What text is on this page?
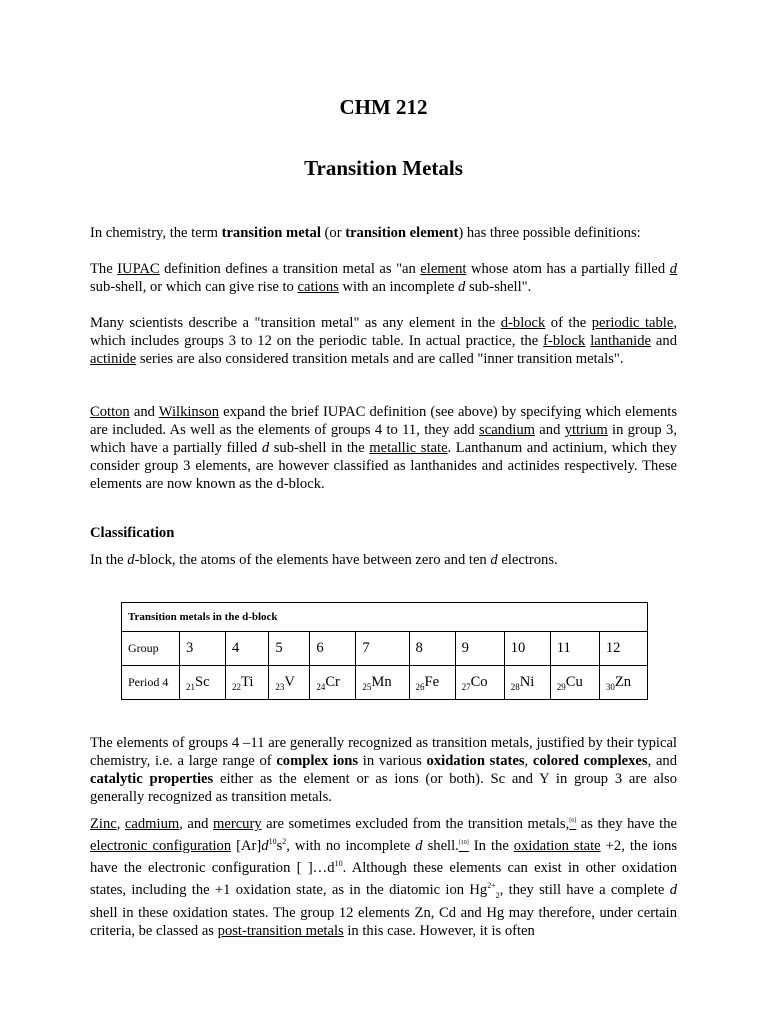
CHM 212
Transition Metals

In chemistry, the term transition metal (or transition element) has three possible definitions:

The IUPAC definition defines a transition metal as "an element whose atom has a partially filled d sub-shell, or which can give rise to cations with an incomplete d sub-shell".

Many scientists describe a "transition metal" as any element in the d-block of the periodic table, which includes groups 3 to 12 on the periodic table. In actual practice, the f-block lanthanide and actinide series are also considered transition metals and are called "inner transition metals".

Cotton and Wilkinson expand the brief IUPAC definition (see above) by specifying which elements are included. As well as the elements of groups 4 to 11, they add scandium and yttrium in group 3, which have a partially filled d sub-shell in the metallic state. Lanthanum and actinium, which they consider group 3 elements, are however classified as lanthanides and actinides respectively. These elements are now known as the d-block.

Classification

In the d-block, the atoms of the elements have between zero and ten d electrons.

Transition metals in the d-block										
Group	3	4	5	6	7	8	9	10	11	12
Period 4	$_{21}$Sc	$_{22}$Ti	$_{23}$V	$_{24}$Cr	$_{25}$Mn	$_{26}$Fe	$_{27}$Co	$_{28}$Ni	$_{29}$Cu	$_{30}$Zn

The elements of groups 4 –11 are generally recognized as transition metals, justified by their typical chemistry, i.e. a large range of complex ions in various oxidation states, colored complexes, and catalytic properties either as the element or as ions (or both). Sc and Y in group 3 are also generally recognized as transition metals.

Zinc, cadmium, and mercury are sometimes excluded from the transition metals,[6] as they have the electronic configuration $[Ar]d^{10}s^2$, with no incomplete d shell.[10] In the oxidation state +2, the ions have the electronic configuration [ ]$\dots d^{10}$. Although these elements can exist in other oxidation states, including the +1 oxidation state, as in the diatomic ion $Hg^{2+}_2$, they still have a complete d shell in these oxidation states. The group 12 elements Zn, Cd and Hg may therefore, under certain criteria, be classed as post-transition metals in this case. However, it is often
